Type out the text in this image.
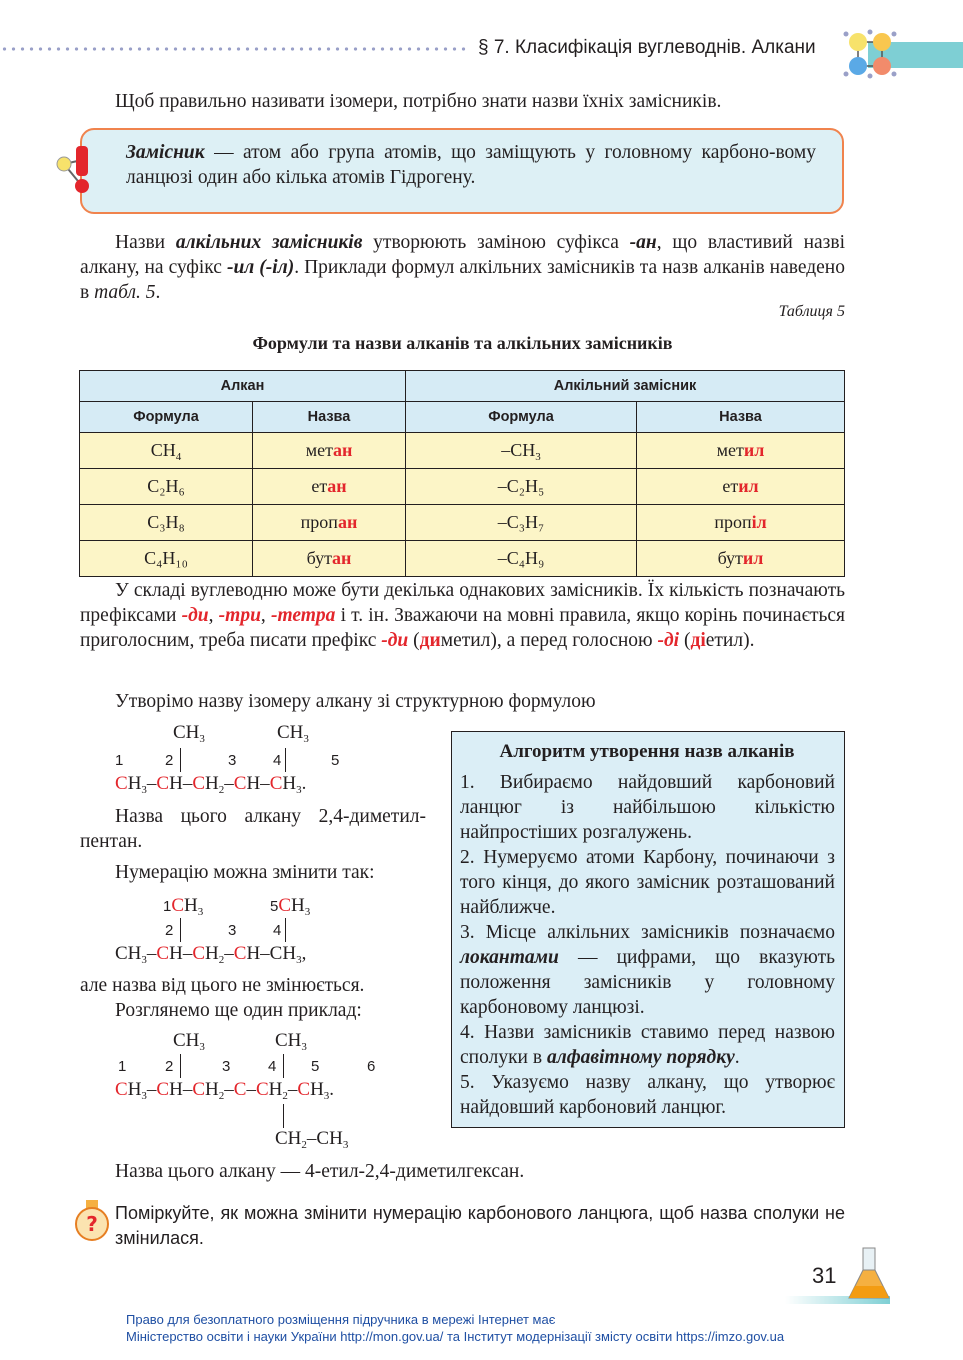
§ 7. Класифікація вуглеводнів. Алкани

Щоб правильно називати ізомери, потрібно знати назви їхніх замісників.

Замісник — атом або група атомів, що заміщують у головному карбоно-вому ланцюзі один або кілька атомів Гідрогену.

Назви алкільних замісників утворюють заміною суфікса -ан, що властивий назві алкану, на суфікс -ил (-іл). Приклади формул алкільних замісників та назв алканів наведено в табл. 5.

Таблиця 5
Формули та назви алканів та алкільних замісників
Алкан		Алкільний замісник	
Формула	Назва	Формула	Назва
$CH_4$	метан	$-CH_3$	метил
C₂H₆	етан	–C₂H₅	етил
C₃H₈	пропан	–C₃H₇	пропіл
C₄H₁₀	бутан	–C₄H₉	бутил

У складі вуглеводню може бути декілька однакових замісників. Їх кількість позначають префіксами -ди, -три, -тетра і т. ін. Зважаючи на мовні правила, якщо корінь починається приголосним, треба писати префікс -ди (диметил), а перед голосною -ді (діетил).

Утворімо назву ізомеру алкану зі структурною формулою

$CH_3$	$CH_3$
1	2	3 4	5
$CH_3-CH-CH_2-CH-CH_3$.

Назва цього алкану 2,4-диметил-пентан.

Нумерацію можна змінити так:

$1CH_3$	$5CH_3$
2	3 4
$CH_3-CH-CH_2-CH-CH_3$,

але назва від цього не змінюється.

Розглянемо ще один приклад:

$CH_3$	$CH_3$
1	2	3	4 5	6
$CH_3-CH-CH_2-C-CH_2-CH_3$.
$CH_2-CH_3$

Назва цього алкану — 4-етил-2,4-диметилгексан.

Алгоритм утворення назв алканів

1. Вибираємо найдовший карбоновий ланцюг із найбільшою кількістю найпростіших розгалужень.

2. Нумеруємо атоми Карбону, починаючи з того кінця, до якого замісник розташований найближче.

3. Місце алкільних замісників позначаємо локантами — цифрами, що вказують положення замісників у головному карбоновому ланцюзі.

4. Назви замісників ставимо перед назвою сполуки в алфавітному порядку.

5. Указуємо назву алкану, що утворює найдовший карбоновий ланцюг.

? Поміркуйте, як можна змінити нумерацію карбонового ланцюга, щоб назва сполуки не змінилася.

31
Право для безоплатного розміщення підручника в мережі Інтернет має
Міністерство освіти і науки України http://mon.gov.ua/ та Інститут модернізації змісту освіти https://imzo.gov.ua
